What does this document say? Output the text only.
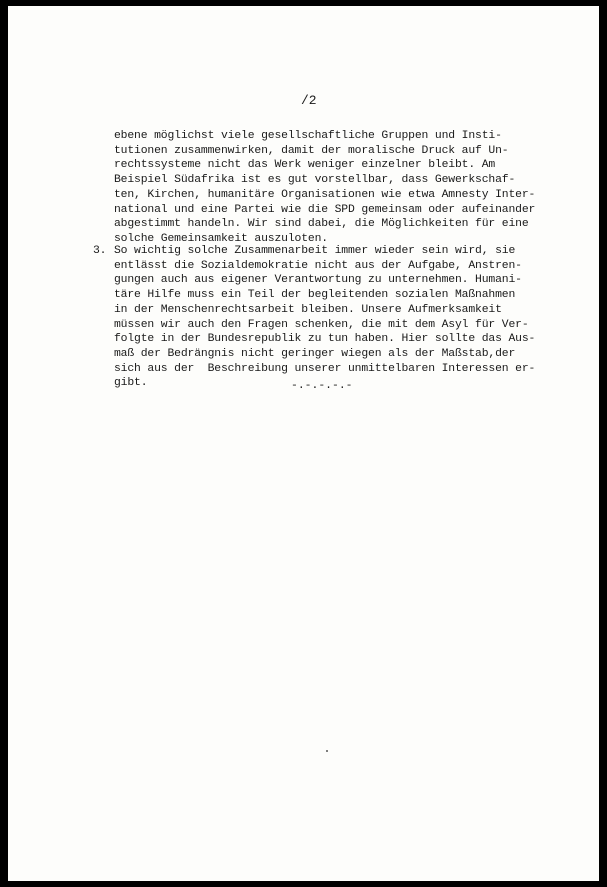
/2

ebene möglichst viele gesellschaftliche Gruppen und Insti-
tutionen zusammenwirken, damit der moralische Druck auf Un-
rechtssysteme nicht das Werk weniger einzelner bleibt. Am
Beispiel Südafrika ist es gut vorstellbar, dass Gewerkschaf-
ten, Kirchen, humanitäre Organisationen wie etwa Amnesty Inter-
national und eine Partei wie die SPD gemeinsam oder aufeinander
abgestimmt handeln. Wir sind dabei, die Möglichkeiten für eine
solche Gemeinsamkeit auszuloten.
3. So wichtig solche Zusammenarbeit immer wieder sein wird, sie
entlässt die Sozialdemokratie nicht aus der Aufgabe, Anstren-
gungen auch aus eigener Verantwortung zu unternehmen. Humani-
täre Hilfe muss ein Teil der begleitenden sozialen Maßnahmen
in der Menschenrechtsarbeit bleiben. Unsere Aufmerksamkeit
müssen wir auch den Fragen schenken, die mit dem Asyl für Ver-
folgte in der Bundesrepublik zu tun haben. Hier sollte das Aus-
maß der Bedrängnis nicht geringer wiegen als der Maßstab,der
sich aus der  Beschreibung unserer unmittelbaren Interessen er-
gibt.	-.-.-.-.-
